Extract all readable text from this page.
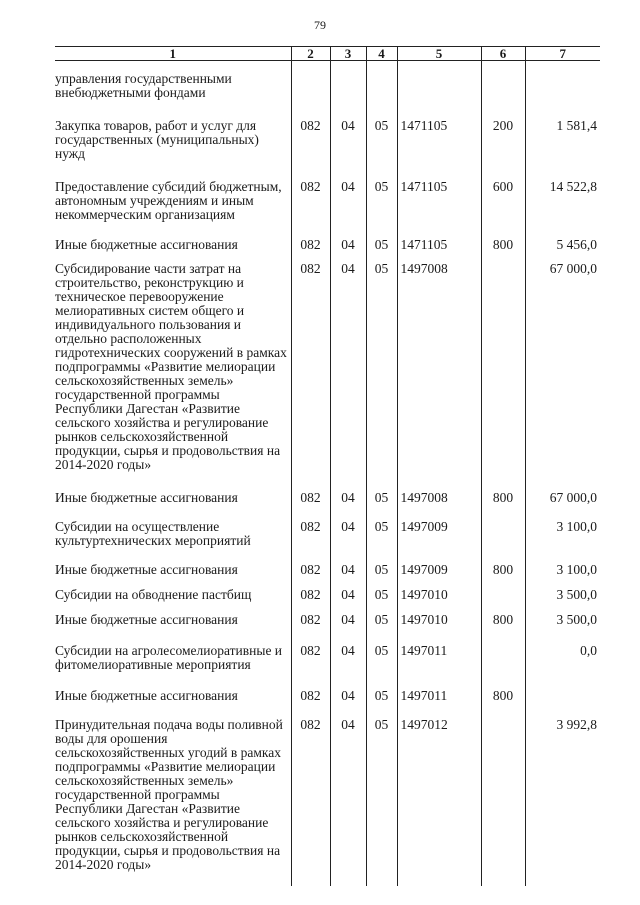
79
1	2	3	4	5	6	7
управления государственными внебюджетными фондами						
Закупка товаров, работ и услуг для государственных (муниципальных) нужд	082	04	05	1471105	200	1 581,4
Предоставление субсидий бюджетным, автономным учреждениям и иным некоммерческим организациям	082	04	05	1471105	600	14 522,8
Иные бюджетные ассигнования	082	04	05	1471105	800	5 456,0
Субсидирование части затрат на строительство, реконструкцию и техническое перевооружение мелиоративных систем общего и индивидуального пользования и отдельно расположенных гидротехнических сооружений в рамках подпрограммы «Развитие мелиорации сельскохозяйственных земель» государственной программы Республики Дагестан «Развитие сельского хозяйства и регулирование рынков сельскохозяйственной продукции, сырья и продовольствия на 2014-2020 годы»	082	04	05	1497008		67 000,0
Иные бюджетные ассигнования	082	04	05	1497008	800	67 000,0
Субсидии на осуществление культуртехнических мероприятий	082	04	05	1497009		3 100,0
Иные бюджетные ассигнования	082	04	05	1497009	800	3 100,0
Субсидии на обводнение пастбищ	082	04	05	1497010		3 500,0
Иные бюджетные ассигнования	082	04	05	1497010	800	3 500,0
Субсидии на агролесомелиоративные и фитомелиоративные мероприятия	082	04	05	1497011		0,0
Иные бюджетные ассигнования	082	04	05	1497011	800	
Принудительная подача воды поливной воды для орошения сельскохозяйственных угодий в рамках подпрограммы «Развитие мелиорации сельскохозяйственных земель» государственной программы Республики Дагестан «Развитие сельского хозяйства и регулирование рынков сельскохозяйственной продукции, сырья и продовольствия на 2014-2020 годы»	082	04	05	1497012		3 992,8
